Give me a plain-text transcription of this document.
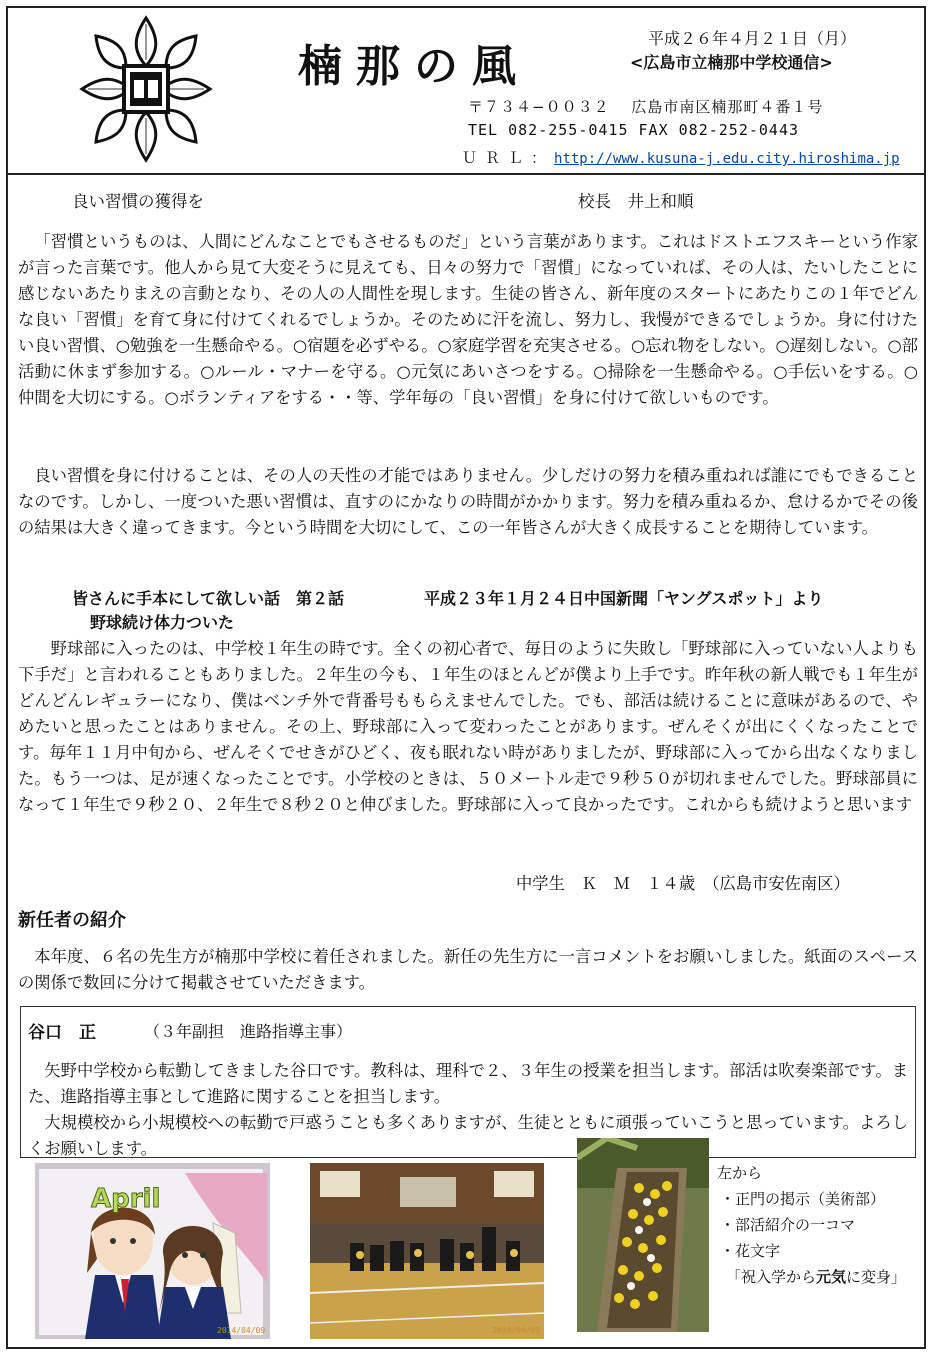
楠那の風
平成２６年４月２１日（月）
<広島市立楠那中学校通信>
〒７３４−００３２　 広島市南区楠那町４番１号
TEL 082-255-0415 FAX 082-252-0443
ＵＲＬ：http://www.kusuna-j.edu.city.hiroshima.jp
良い習慣の獲得を	校長　井上和順

「習慣というものは、人間にどんなことでもさせるものだ」という言葉があります。これはドストエフスキーという作家が言った言葉です。他人から見て大変そうに見えても、日々の努力で「習慣」になっていれば、その人は、たいしたことに感じないあたりまえの言動となり、その人の人間性を現します。生徒の皆さん、新年度のスタートにあたりこの１年でどんな良い「習慣」を育て身に付けてくれるでしょうか。そのために汗を流し、努力し、我慢ができるでしょうか。身に付けたい良い習慣、○勉強を一生懸命やる。○宿題を必ずやる。○家庭学習を充実させる。○忘れ物をしない。○遅刻しない。○部活動に休まず参加する。○ルール・マナーを守る。○元気にあいさつをする。○掃除を一生懸命やる。○手伝いをする。○仲間を大切にする。○ボランティアをする・・等、学年毎の「良い習慣」を身に付けて欲しいものです。

良い習慣を身に付けることは、その人の天性の才能ではありません。少しだけの努力を積み重ねれば誰にでもできることなのです。しかし、一度ついた悪い習慣は、直すのにかなりの時間がかかります。努力を積み重ねるか、怠けるかでその後の結果は大きく違ってきます。今という時間を大切にして、この一年皆さんが大きく成長することを期待しています。

皆さんに手本にして欲しい話　第２話	平成２３年１月２４日中国新聞「ヤングスポット」より
野球続け体力ついた

野球部に入ったのは、中学校１年生の時です。全くの初心者で、毎日のように失敗し「野球部に入っていない人よりも下手だ」と言われることもありました。２年生の今も、１年生のほとんどが僕より上手です。昨年秋の新人戦でも１年生がどんどんレギュラーになり、僕はベンチ外で背番号ももらえませんでした。でも、部活は続けることに意味があるので、やめたいと思ったことはありません。その上、野球部に入って変わったことがあります。ぜんそくが出にくくなったことです。毎年１１月中旬から、ぜんそくでせきがひどく、夜も眠れない時がありましたが、野球部に入ってから出なくなりました。もう一つは、足が速くなったことです。小学校のときは、５０メートル走で９秒５０が切れませんでした。野球部員になって１年生で９秒２０、２年生で８秒２０と伸びました。野球部に入って良かったです。これからも続けようと思います

中学生　Ｋ　Ｍ　１４歳　（広島市安佐南区）
新任者の紹介

本年度、６名の先生方が楠那中学校に着任されました。新任の先生方に一言コメントをお願いしました。紙面のスペースの関係で数回に分けて掲載させていただきます。

谷口　正	（３年副担　進路指導主事）

矢野中学校から転勤してきました谷口です。教科は、理科で２、３年生の授業を担当します。部活は吹奏楽部です。また、進路指導主事として進路に関することを担当します。

大規模校から小規模校への転勤で戸惑うことも多くありますが、生徒とともに頑張っていこうと思っています。よろしくお願いします。

April
2014/04/09	2014/04/09
左から
・正門の掲示（美術部）
・部活紹介の一コマ
・花文字
「祝入学から元気に変身」
